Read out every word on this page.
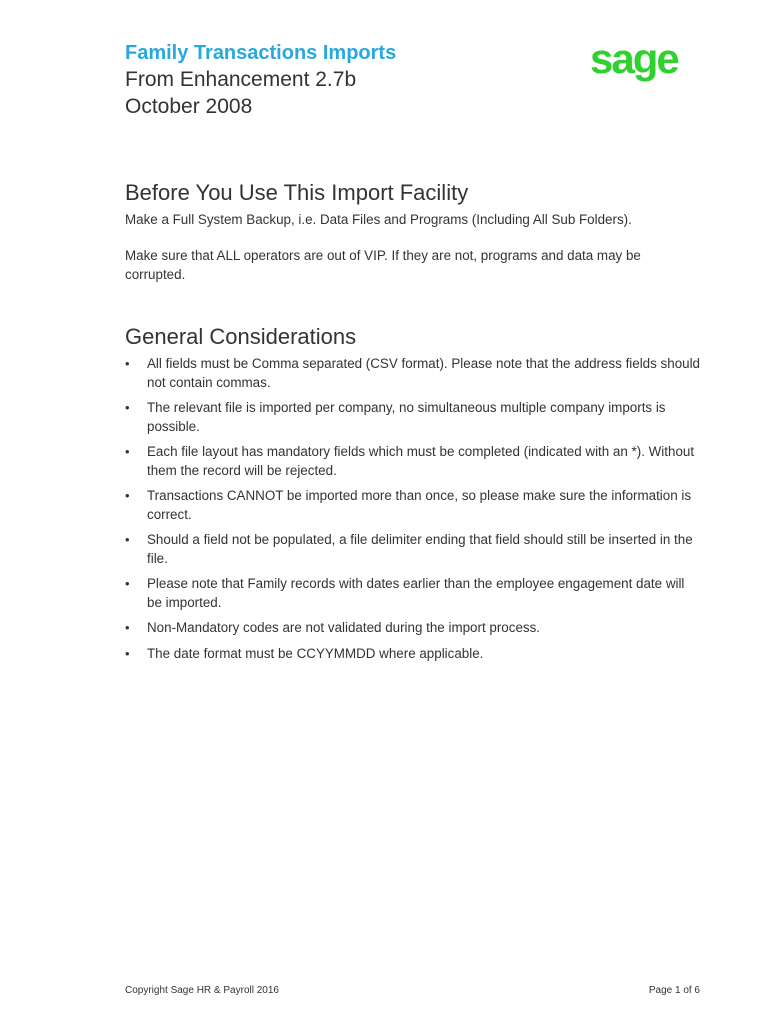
Family Transactions Imports
From Enhancement 2.7b
October 2008
sage
Before You Use This Import Facility

Make a Full System Backup, i.e. Data Files and Programs (Including All Sub Folders).

Make sure that ALL operators are out of VIP. If they are not, programs and data may be corrupted.

General Considerations
• All fields must be Comma separated (CSV format). Please note that the address fields should not contain commas.
• The relevant file is imported per company, no simultaneous multiple company imports is possible.
• Each file layout has mandatory fields which must be completed (indicated with an *). Without them the record will be rejected.
• Transactions CANNOT be imported more than once, so please make sure the information is correct.
• Should a field not be populated, a file delimiter ending that field should still be inserted in the file.
• Please note that Family records with dates earlier than the employee engagement date will be imported.
• Non-Mandatory codes are not validated during the import process.
• The date format must be CCYYMMDD where applicable.
Copyright Sage HR & Payroll 2016	Page 1 of 6
